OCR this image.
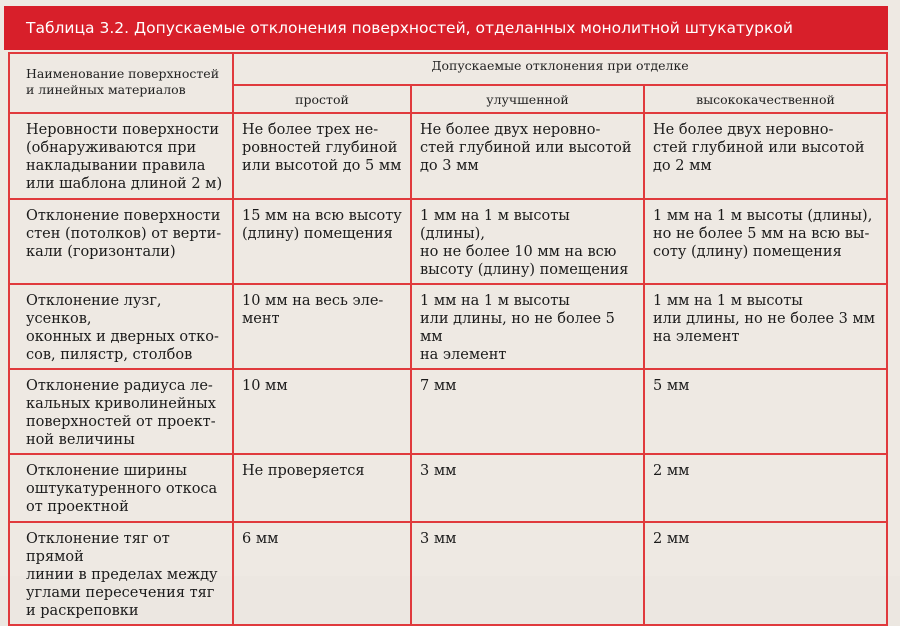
Таблица 3.2. Допускаемые отклонения поверхностей, отделанных монолитной штукатуркой
Наименование поверхностей
и линейных материалов	Допускаемые отклонения при отделке		
	простой	улучшенной	высококачественной
Неровности поверхности
(обнаруживаются при
накладывании правила
или шаблона длиной 2 м)	Не более трех не-
ровностей глубиной
или высотой до 5 мм	Не более двух неровно-
стей глубиной или высотой
до 3 мм	Не более двух неровно-
стей глубиной или высотой
до 2 мм
Отклонение поверхности
стен (потолков) от верти-
кали (горизонтали)	15 мм на всю высоту
(длину) помещения	1 мм на 1 м высоты (длины),
но не более 10 мм на всю
высоту (длину) помещения	1 мм на 1 м высоты (длины),
но не более 5 мм на всю вы-
соту (длину) помещения
Отклонение лузг, усенков,
оконных и дверных отко-
сов, пилястр, столбов	10 мм на весь эле-
мент	1 мм на 1 м высоты
или длины, но не более 5 мм
на элемент	1 мм на 1 м высоты
или длины, но не более 3 мм
на элемент
Отклонение радиуса ле-
кальных криволинейных
поверхностей от проект-
ной величины	10 мм	7 мм	5 мм
Отклонение ширины
оштукатуренного откоса
от проектной	Не проверяется	3 мм	2 мм
Отклонение тяг от прямой
линии в пределах между
углами пересечения тяг
и раскреповки	6 мм	3 мм	2 мм
